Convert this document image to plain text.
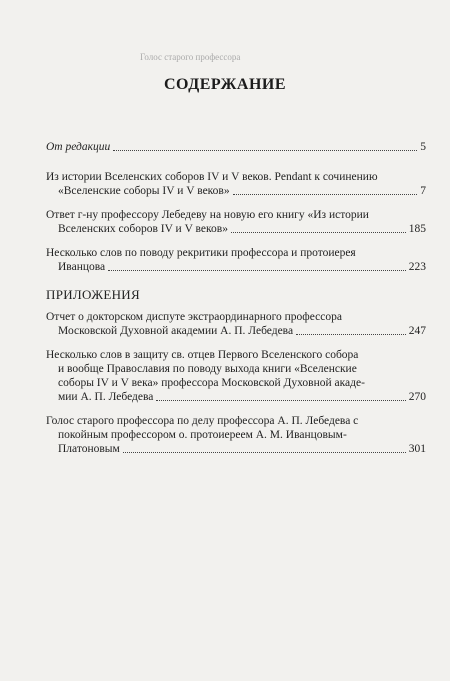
Голос старого профессора
СОДЕРЖАНИЕ
От редакции	5
Из истории Вселенских соборов IV и V веков. Pendant к сочинению
«Вселенские соборы IV и V веков»	7
Ответ г-ну профессору Лебедеву на новую его книгу «Из истории
Вселенских соборов IV и V веков»	185
Несколько слов по поводу рекритики профессора и протоиерея
Иванцова	223
ПРИЛОЖЕНИЯ
Отчет о докторском диспуте экстраординарного профессора
Московской Духовной академии А. П. Лебедева	247
Несколько слов в защиту св. отцев Первого Вселенского собора
и вообще Православия по поводу выхода книги «Вселенские
соборы IV и V века» профессора Московской Духовной акаде-
мии А. П. Лебедева	270
Голос старого профессора по делу профессора А. П. Лебедева с
покойным профессором о. протоиереем А. М. Иванцовым-
Платоновым	301
